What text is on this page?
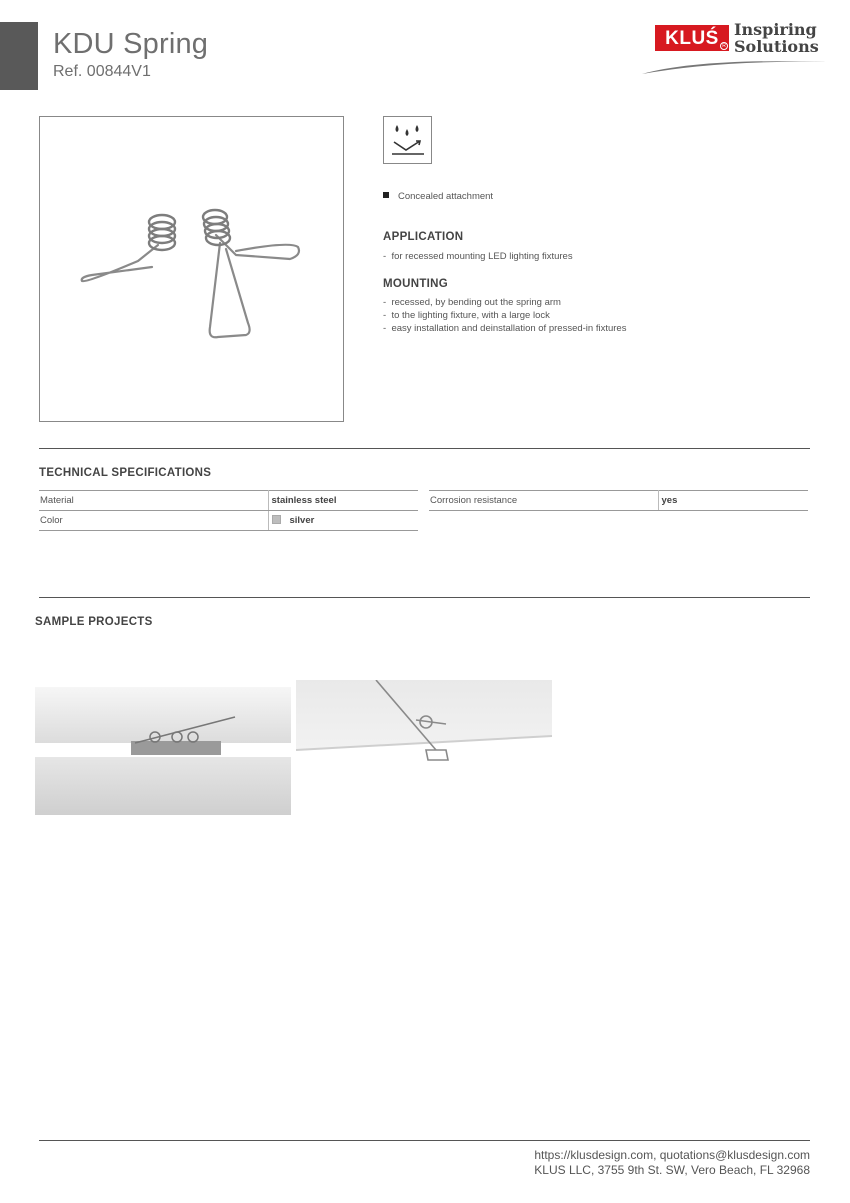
KDU Spring
Ref. 00844V1
KLUŚ R
Inspiring
Solutions
Concealed attachment
APPLICATION
-  for recessed mounting LED lighting fixtures
MOUNTING
-  recessed, by bending out the spring arm
-  to the lighting fixture, with a large lock
-  easy installation and deinstallation of pressed-in fixtures
TECHNICAL SPECIFICATIONS
Material	stainless steel
Color	silver
Corrosion resistance	yes
SAMPLE PROJECTS
https://klusdesign.com, quotations@klusdesign.com
KLUS LLC, 3755 9th St. SW, Vero Beach, FL 32968
